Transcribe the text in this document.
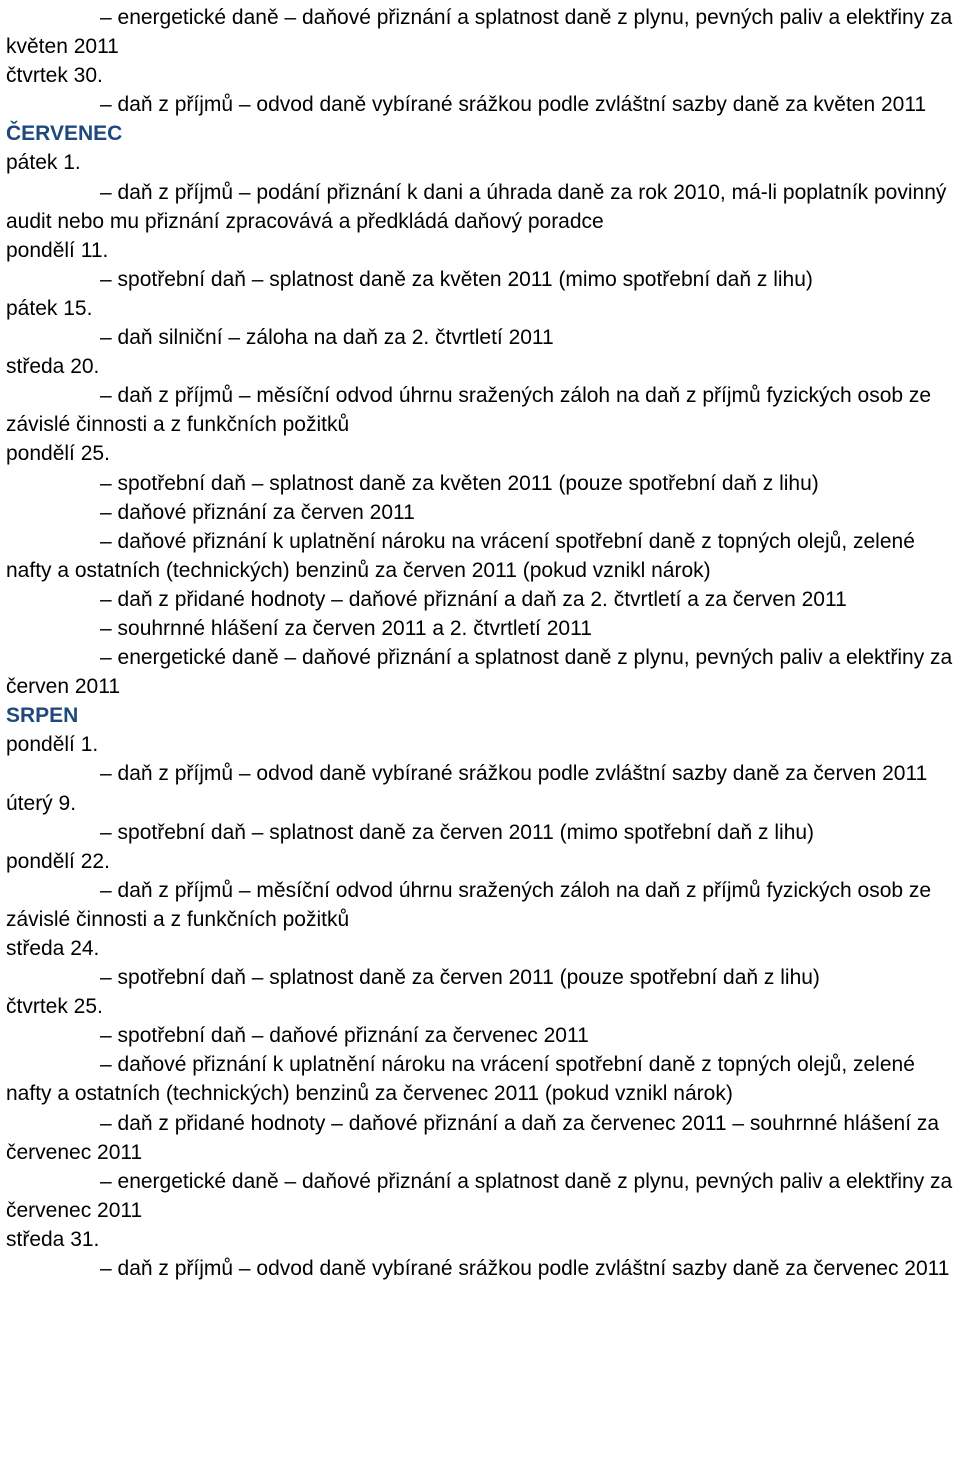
– energetické daně – daňové přiznání a splatnost daně z plynu, pevných paliv a elektřiny za květen 2011

čtvrtek 30.

– daň z příjmů – odvod daně vybírané srážkou podle zvláštní sazby daně za květen 2011

ČERVENEC

pátek 1.

– daň z příjmů – podání přiznání k dani a úhrada daně za rok 2010, má-li poplatník povinný audit nebo mu přiznání zpracovává a předkládá daňový poradce

pondělí 11.

– spotřební daň – splatnost daně za květen 2011 (mimo spotřební daň z lihu)

pátek 15.

– daň silniční – záloha na daň za 2. čtvrtletí 2011

středa 20.

– daň z příjmů – měsíční odvod úhrnu sražených záloh na daň z příjmů fyzických osob ze závislé činnosti a z funkčních požitků

pondělí 25.

– spotřební daň – splatnost daně za květen 2011 (pouze spotřební daň z lihu)

– daňové přiznání za červen 2011

– daňové přiznání k uplatnění nároku na vrácení spotřební daně z topných olejů, zelené nafty a ostatních (technických) benzinů za červen 2011 (pokud vznikl nárok)

– daň z přidané hodnoty – daňové přiznání a daň za 2. čtvrtletí a za červen 2011

– souhrnné hlášení za červen 2011 a 2. čtvrtletí 2011

– energetické daně – daňové přiznání a splatnost daně z plynu, pevných paliv a elektřiny za červen 2011

SRPEN

pondělí 1.

– daň z příjmů – odvod daně vybírané srážkou podle zvláštní sazby daně za červen 2011

úterý 9.

– spotřební daň – splatnost daně za červen 2011 (mimo spotřební daň z lihu)

pondělí 22.

– daň z příjmů – měsíční odvod úhrnu sražených záloh na daň z příjmů fyzických osob ze závislé činnosti a z funkčních požitků

středa 24.

– spotřební daň – splatnost daně za červen 2011 (pouze spotřební daň z lihu)

čtvrtek 25.

– spotřební daň – daňové přiznání za červenec 2011

– daňové přiznání k uplatnění nároku na vrácení spotřební daně z topných olejů, zelené nafty a ostatních (technických) benzinů za červenec 2011 (pokud vznikl nárok)

– daň z přidané hodnoty – daňové přiznání a daň za červenec 2011 – souhrnné hlášení za červenec 2011

– energetické daně – daňové přiznání a splatnost daně z plynu, pevných paliv a elektřiny za červenec 2011

středa 31.

– daň z příjmů – odvod daně vybírané srážkou podle zvláštní sazby daně za červenec 2011
